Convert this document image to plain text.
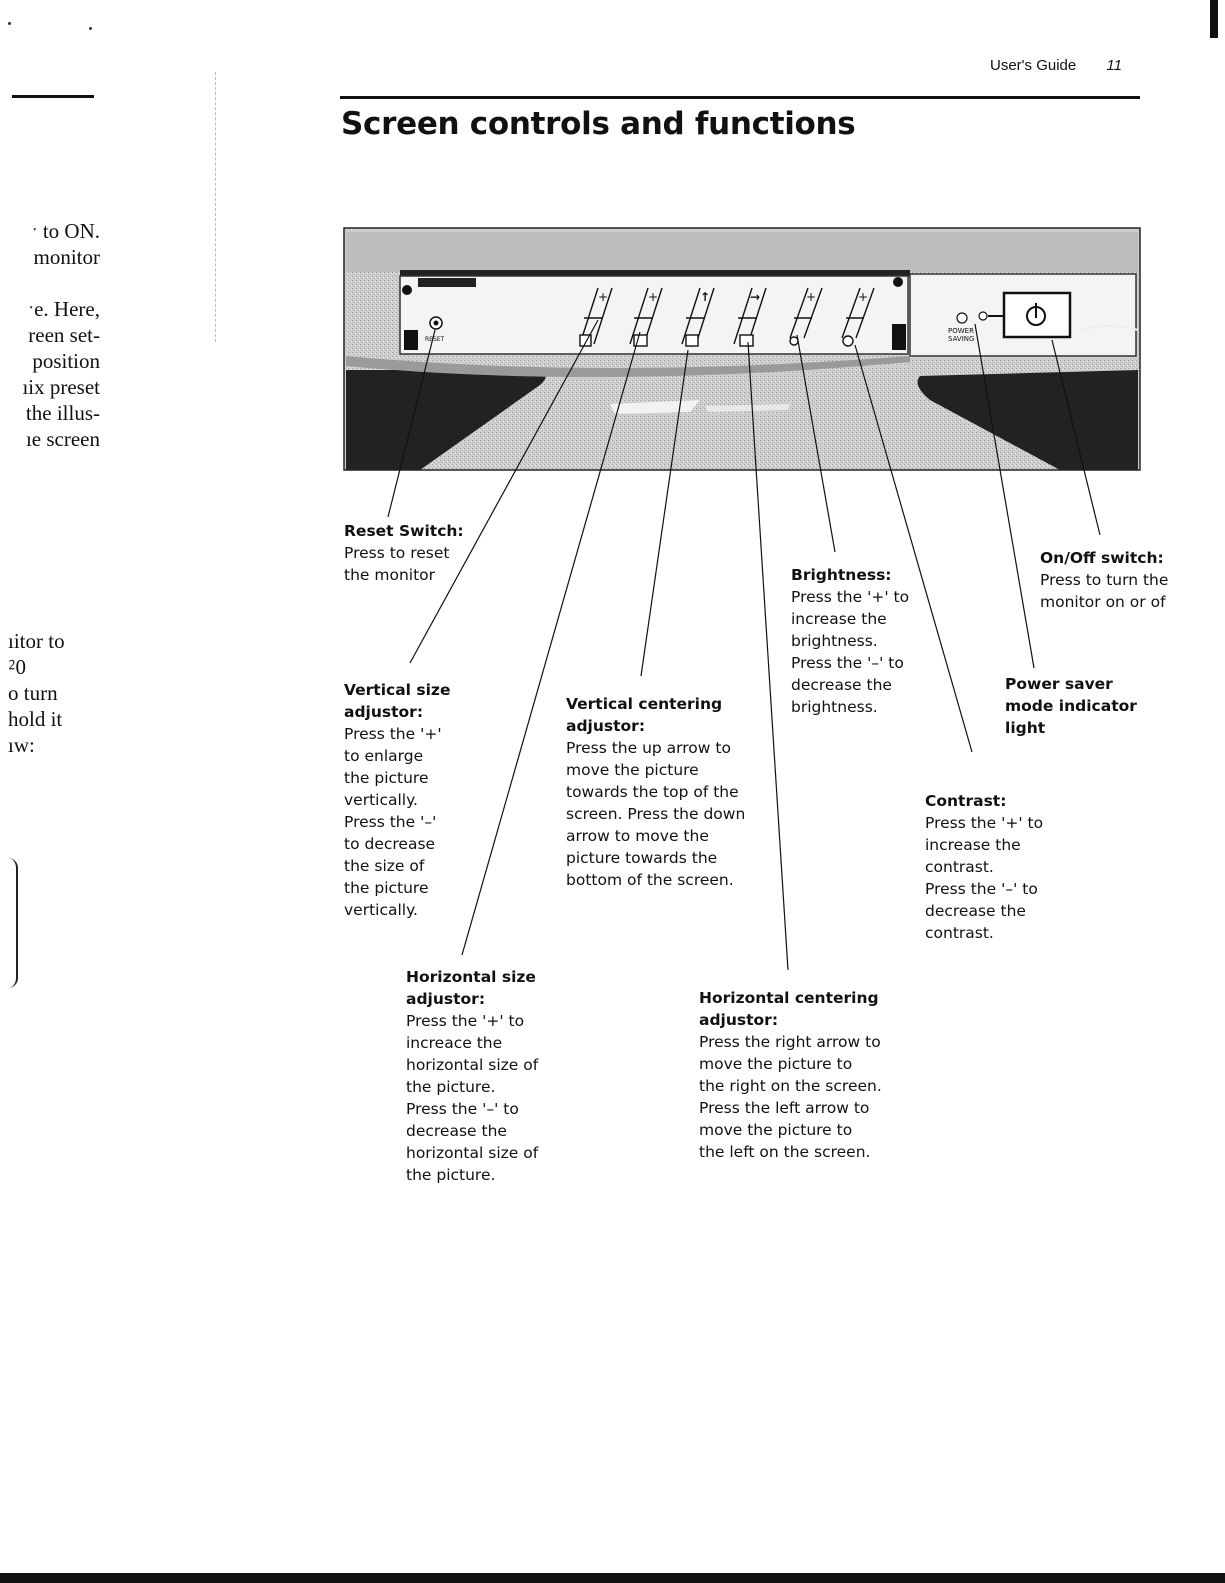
ˑ to ON.
monitor
ˑe. Here,
reen set-
position
ıix preset
the illus-
ıe screen
ıitor to
⁲0
o turn
hold it
ıw:
User's Guide 11
Screen controls and functions
RESET
+	+	↑	→	+	+
POWER
SAVING
Reset Switch:
Press to reset
the monitor
Vertical size
adjustor:
Press the '+'
to enlarge
the picture
vertically.
Press the '–'
to decrease
the size of
the picture
vertically.
Horizontal size
adjustor:
Press the '+' to
increace the
horizontal size of
the picture.
Press the '–' to
decrease the
horizontal size of
the picture.
Vertical centering
adjustor:
Press the up arrow to
move the picture
towards the top of the
screen. Press the down
arrow to move the
picture towards the
bottom of the screen.
Horizontal centering
adjustor:
Press the right arrow to
move the picture to
the right on the screen.
Press the left arrow to
move the picture to
the left on the screen.
Brightness:
Press the '+' to
increase the
brightness.
Press the '–' to
decrease the
brightness.
Contrast:
Press the '+' to
increase the
contrast.
Press the '–' to
decrease the
contrast.
Power saver
mode indicator
light
On/Off switch:
Press to turn the
monitor on or of
